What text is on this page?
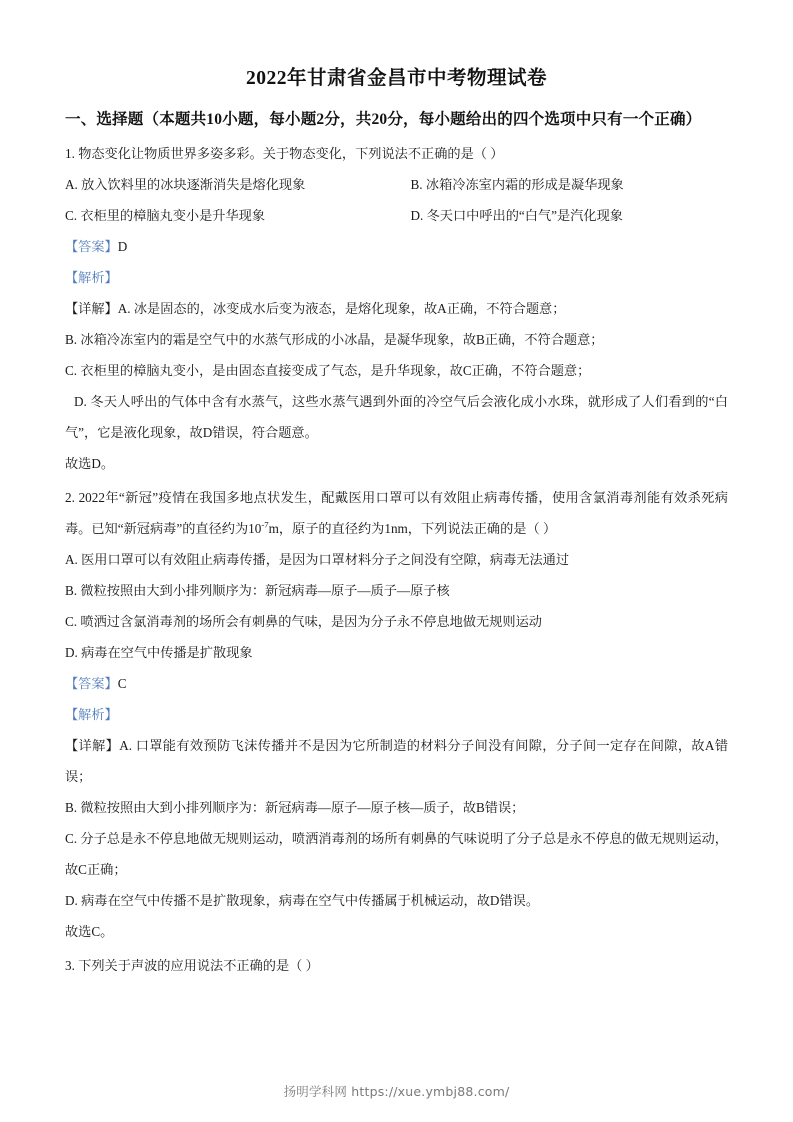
2022年甘肃省金昌市中考物理试卷
一、选择题（本题共10小题，每小题2分，共20分，每小题给出的四个选项中只有一个正确）
1. 物态变化让物质世界多姿多彩。关于物态变化，下列说法不正确的是（ ）
A. 放入饮料里的冰块逐渐消失是熔化现象	B. 冰箱冷冻室内霜的形成是凝华现象
C. 衣柜里的樟脑丸变小是升华现象	D. 冬天口中呼出的“白气”是汽化现象
【答案】D
【解析】
【详解】A. 冰是固态的，冰变成水后变为液态，是熔化现象，故A正确，不符合题意；
B. 冰箱冷冻室内的霜是空气中的水蒸气形成的小冰晶，是凝华现象，故B正确，不符合题意；
C. 衣柜里的樟脑丸变小，是由固态直接变成了气态，是升华现象，故C正确，不符合题意；
D. 冬天人呼出的气体中含有水蒸气，这些水蒸气遇到外面的冷空气后会液化成小水珠，就形成了人们看到的“白气”，它是液化现象，故D错误，符合题意。
故选D。
2. 2022年“新冠”疫情在我国多地点状发生，配戴医用口罩可以有效阻止病毒传播，使用含氯消毒剂能有效杀死病毒。已知“新冠病毒”的直径约为$10^{-7}m$，原子的直径约为1nm，下列说法正确的是（ ）
A. 医用口罩可以有效阻止病毒传播，是因为口罩材料分子之间没有空隙，病毒无法通过
B. 微粒按照由大到小排列顺序为：新冠病毒—原子—质子—原子核
C. 喷洒过含氯消毒剂的场所会有刺鼻的气味，是因为分子永不停息地做无规则运动
D. 病毒在空气中传播是扩散现象
【答案】C
【解析】
【详解】A. 口罩能有效预防飞沫传播并不是因为它所制造的材料分子间没有间隙，分子间一定存在间隙，故A错误；
B. 微粒按照由大到小排列顺序为：新冠病毒—原子—原子核—质子，故B错误；
C. 分子总是永不停息地做无规则运动，喷洒消毒剂的场所有刺鼻的气味说明了分子总是永不停息的做无规则运动，故C正确；
D. 病毒在空气中传播不是扩散现象，病毒在空气中传播属于机械运动，故D错误。
故选C。
3. 下列关于声波的应用说法不正确的是（ ）
扬明学科网 https://xue.ymbj88.com/
